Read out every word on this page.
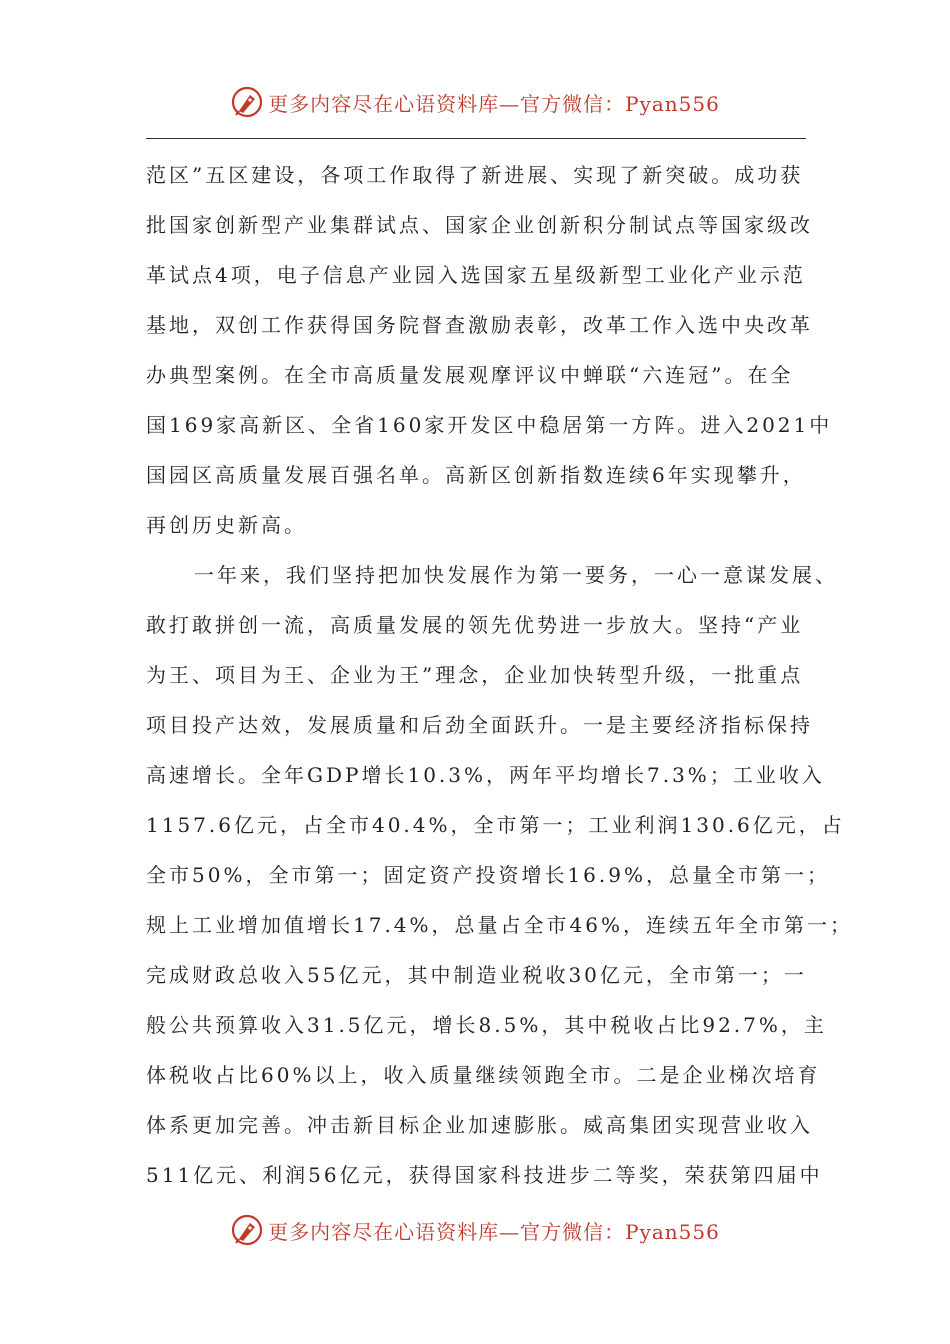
更多内容尽在心语资料库—官方微信：Pyan556
范区”五区建设，各项工作取得了新进展、实现了新突破。成功获
批国家创新型产业集群试点、国家企业创新积分制试点等国家级改
革试点4项，电子信息产业园入选国家五星级新型工业化产业示范
基地，双创工作获得国务院督查激励表彰，改革工作入选中央改革
办典型案例。在全市高质量发展观摩评议中蝉联“六连冠”。在全
国169家高新区、全省160家开发区中稳居第一方阵。进入2021中
国园区高质量发展百强名单。高新区创新指数连续6年实现攀升，
再创历史新高。
一年来，我们坚持把加快发展作为第一要务，一心一意谋发展、
敢打敢拼创一流，高质量发展的领先优势进一步放大。坚持“产业
为王、项目为王、企业为王”理念，企业加快转型升级，一批重点
项目投产达效，发展质量和后劲全面跃升。一是主要经济指标保持
高速增长。全年GDP增长10.3%，两年平均增长7.3%；工业收入
1157.6亿元，占全市40.4%，全市第一；工业利润130.6亿元，占
全市50%，全市第一；固定资产投资增长16.9%，总量全市第一；
规上工业增加值增长17.4%，总量占全市46%，连续五年全市第一；
完成财政总收入55亿元，其中制造业税收30亿元，全市第一；一
般公共预算收入31.5亿元，增长8.5%，其中税收占比92.7%，主
体税收占比60%以上，收入质量继续领跑全市。二是企业梯次培育
体系更加完善。冲击新目标企业加速膨胀。威高集团实现营业收入
511亿元、利润56亿元，获得国家科技进步二等奖，荣获第四届中
更多内容尽在心语资料库—官方微信：Pyan556
